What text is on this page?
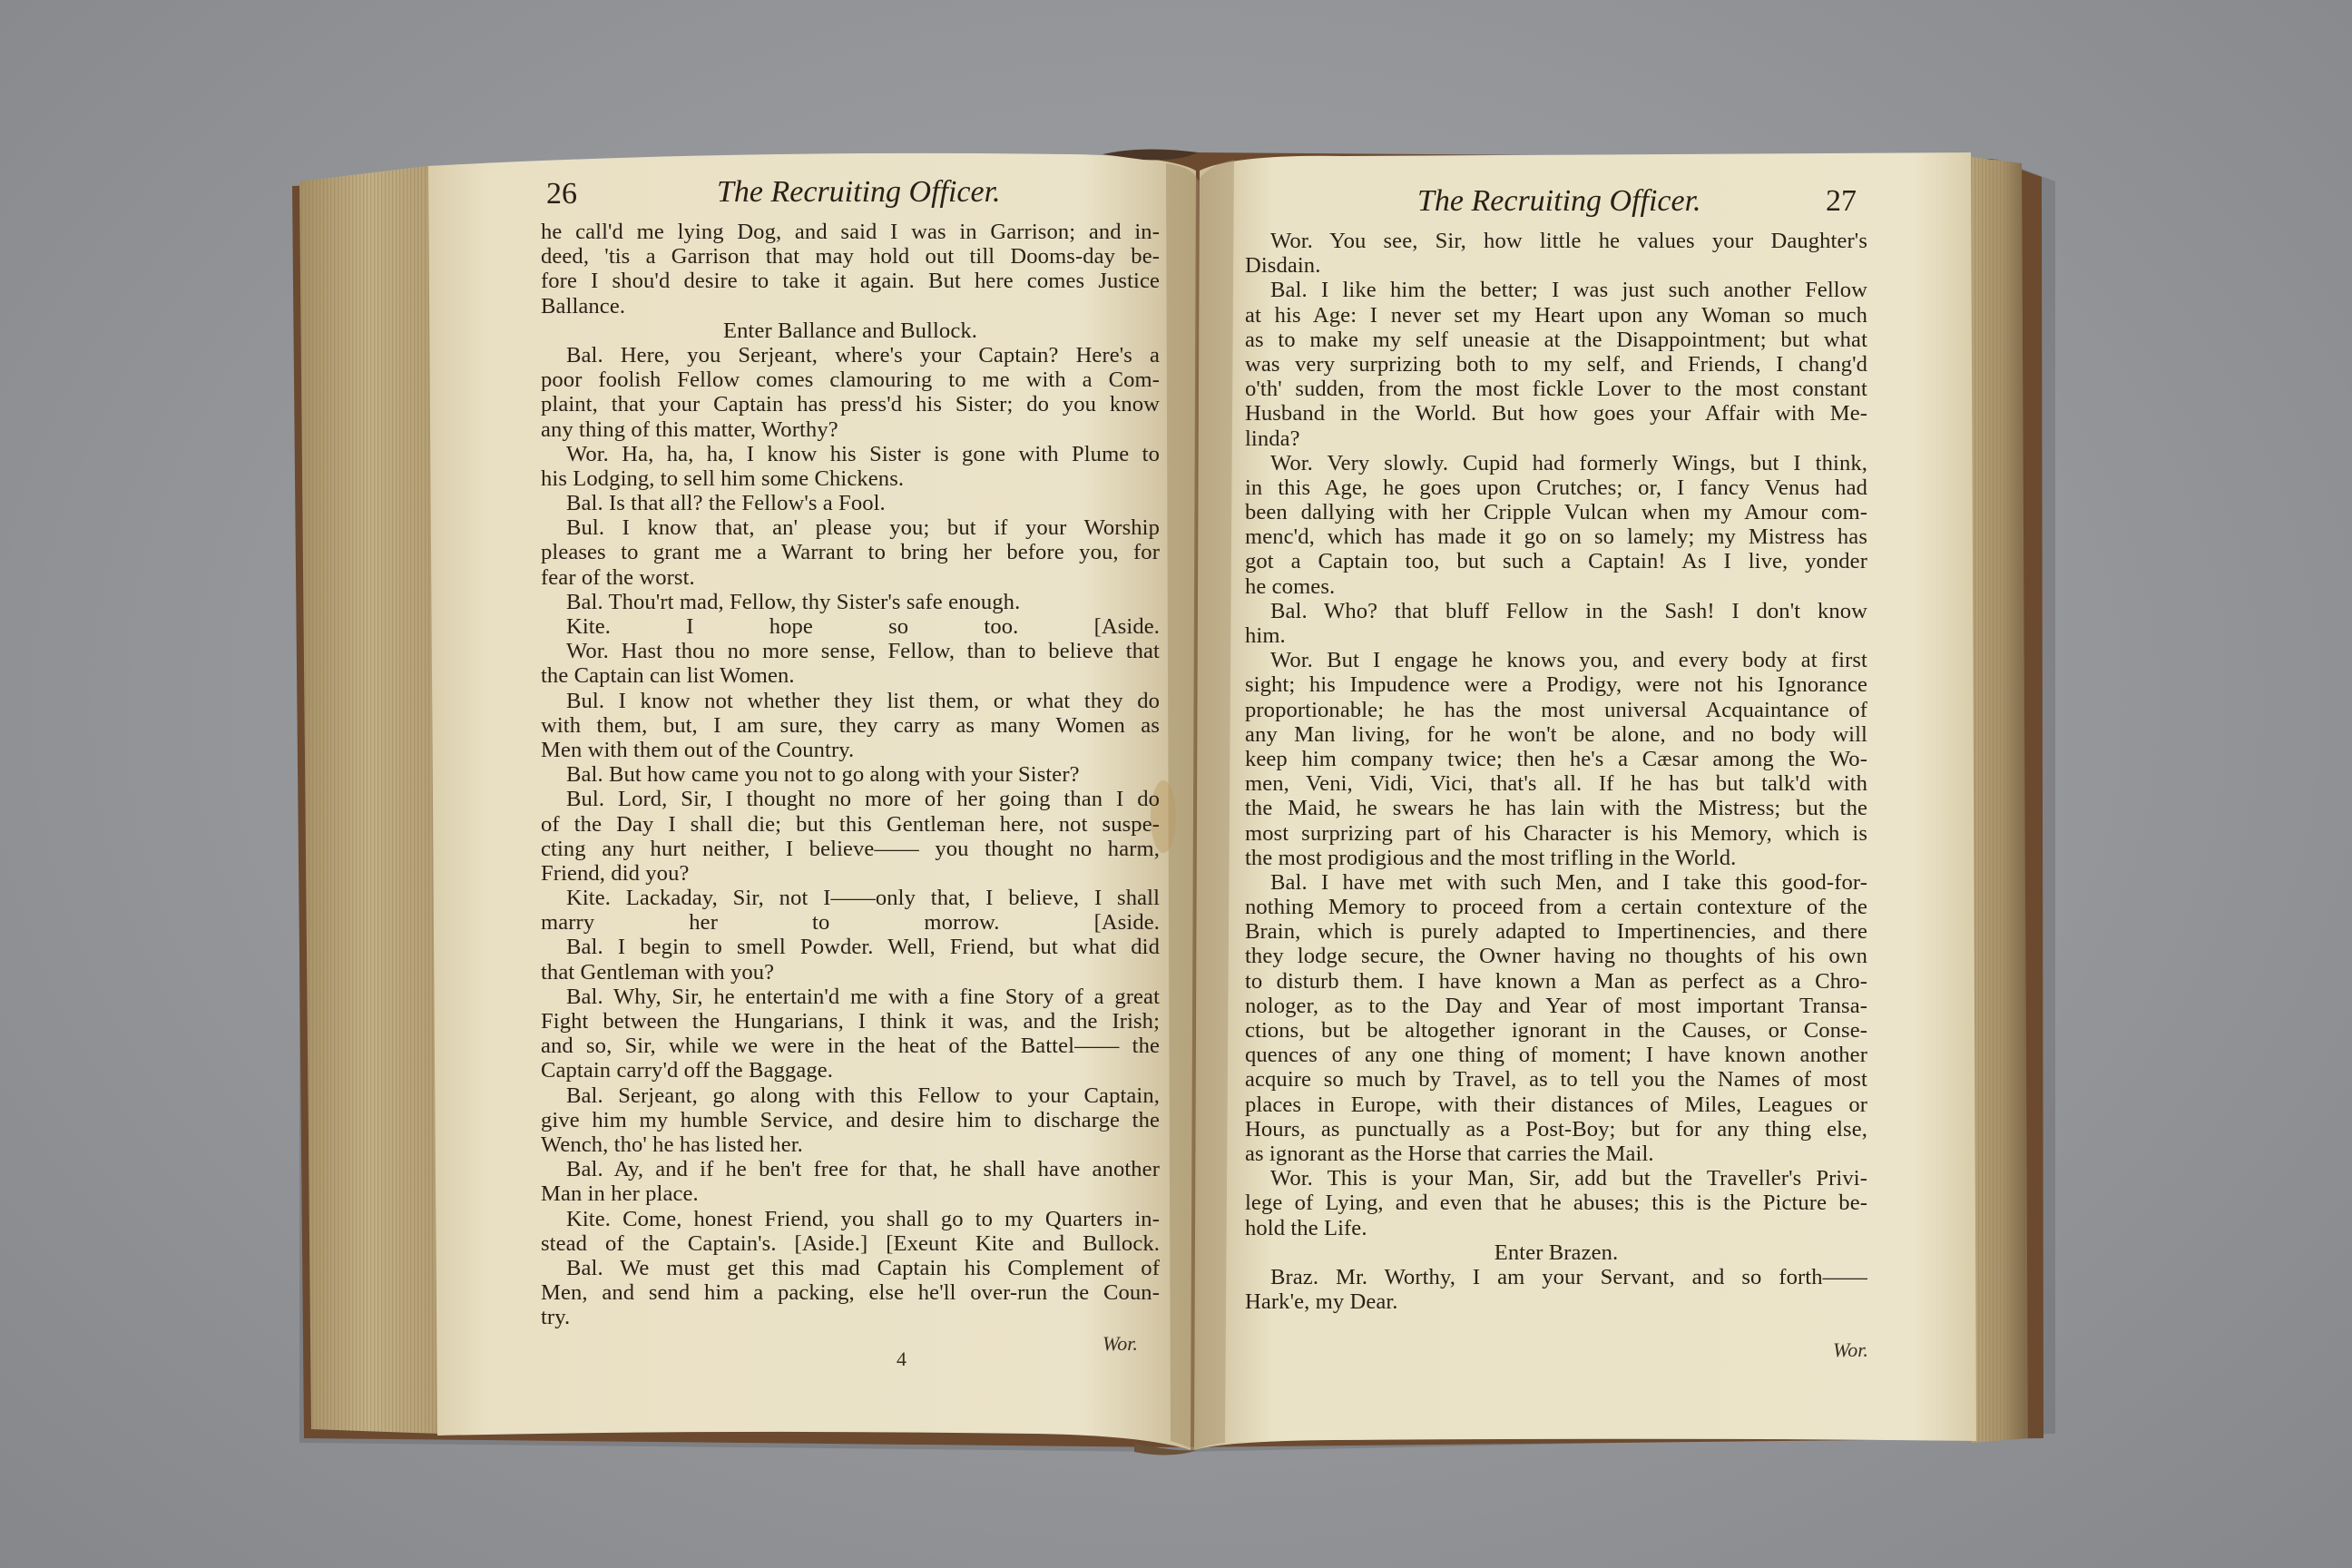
26	The Recruiting Officer.
he call'd me lying Dog, and said I was in Garrison; and in-
deed, 'tis a Garrison that may hold out till Dooms-day be-
fore I shou'd desire to take it again. But here comes Justice
Ballance.
Enter Ballance and Bullock.
Bal. Here, you Serjeant, where's your Captain? Here's a
poor foolish Fellow comes clamouring to me with a Com-
plaint, that your Captain has press'd his Sister; do you know
any thing of this matter, Worthy?
Wor. Ha, ha, ha, I know his Sister is gone with Plume to
his Lodging, to sell him some Chickens.
Bal. Is that all? the Fellow's a Fool.
Bul. I know that, an' please you; but if your Worship
pleases to grant me a Warrant to bring her before you, for
fear of the worst.
Bal. Thou'rt mad, Fellow, thy Sister's safe enough.
Kite. I hope so too. [Aside.
Wor. Hast thou no more sense, Fellow, than to believe that
the Captain can list Women.
Bul. I know not whether they list them, or what they do
with them, but, I am sure, they carry as many Women as
Men with them out of the Country.
Bal. But how came you not to go along with your Sister?
Bul. Lord, Sir, I thought no more of her going than I do
of the Day I shall die; but this Gentleman here, not suspe-
cting any hurt neither, I believe—— you thought no harm,
Friend, did you?
Kite. Lackaday, Sir, not I——only that, I believe, I shall
marry her to morrow. [Aside.
Bal. I begin to smell Powder. Well, Friend, but what did
that Gentleman with you?
Bal. Why, Sir, he entertain'd me with a fine Story of a great
Fight between the Hungarians, I think it was, and the Irish;
and so, Sir, while we were in the heat of the Battel—— the
Captain carry'd off the Baggage.
Bal. Serjeant, go along with this Fellow to your Captain,
give him my humble Service, and desire him to discharge the
Wench, tho' he has listed her.
Bal. Ay, and if he ben't free for that, he shall have another
Man in her place.
Kite. Come, honest Friend, you shall go to my Quarters in-
stead of the Captain's. [Aside.] [Exeunt Kite and Bullock.
Bal. We must get this mad Captain his Complement of
Men, and send him a packing, else he'll over-run the Coun-
try.
4
Wor.
The Recruiting Officer.	27
Wor. You see, Sir, how little he values your Daughter's
Disdain.
Bal. I like him the better; I was just such another Fellow
at his Age: I never set my Heart upon any Woman so much
as to make my self uneasie at the Disappointment; but what
was very surprizing both to my self, and Friends, I chang'd
o'th' sudden, from the most fickle Lover to the most constant
Husband in the World. But how goes your Affair with Me-
linda?
Wor. Very slowly. Cupid had formerly Wings, but I think,
in this Age, he goes upon Crutches; or, I fancy Venus had
been dallying with her Cripple Vulcan when my Amour com-
menc'd, which has made it go on so lamely; my Mistress has
got a Captain too, but such a Captain! As I live, yonder
he comes.
Bal. Who? that bluff Fellow in the Sash! I don't know
him.
Wor. But I engage he knows you, and every body at first
sight; his Impudence were a Prodigy, were not his Ignorance
proportionable; he has the most universal Acquaintance of
any Man living, for he won't be alone, and no body will
keep him company twice; then he's a Cæsar among the Wo-
men, Veni, Vidi, Vici, that's all. If he has but talk'd with
the Maid, he swears he has lain with the Mistress; but the
most surprizing part of his Character is his Memory, which is
the most prodigious and the most trifling in the World.
Bal. I have met with such Men, and I take this good-for-
nothing Memory to proceed from a certain contexture of the
Brain, which is purely adapted to Impertinencies, and there
they lodge secure, the Owner having no thoughts of his own
to disturb them. I have known a Man as perfect as a Chro-
nologer, as to the Day and Year of most important Transa-
ctions, but be altogether ignorant in the Causes, or Conse-
quences of any one thing of moment; I have known another
acquire so much by Travel, as to tell you the Names of most
places in Europe, with their distances of Miles, Leagues or
Hours, as punctually as a Post-Boy; but for any thing else,
as ignorant as the Horse that carries the Mail.
Wor. This is your Man, Sir, add but the Traveller's Privi-
lege of Lying, and even that he abuses; this is the Picture be-
hold the Life.
Enter Brazen.
Braz. Mr. Worthy, I am your Servant, and so forth——
Hark'e, my Dear.
Wor.
